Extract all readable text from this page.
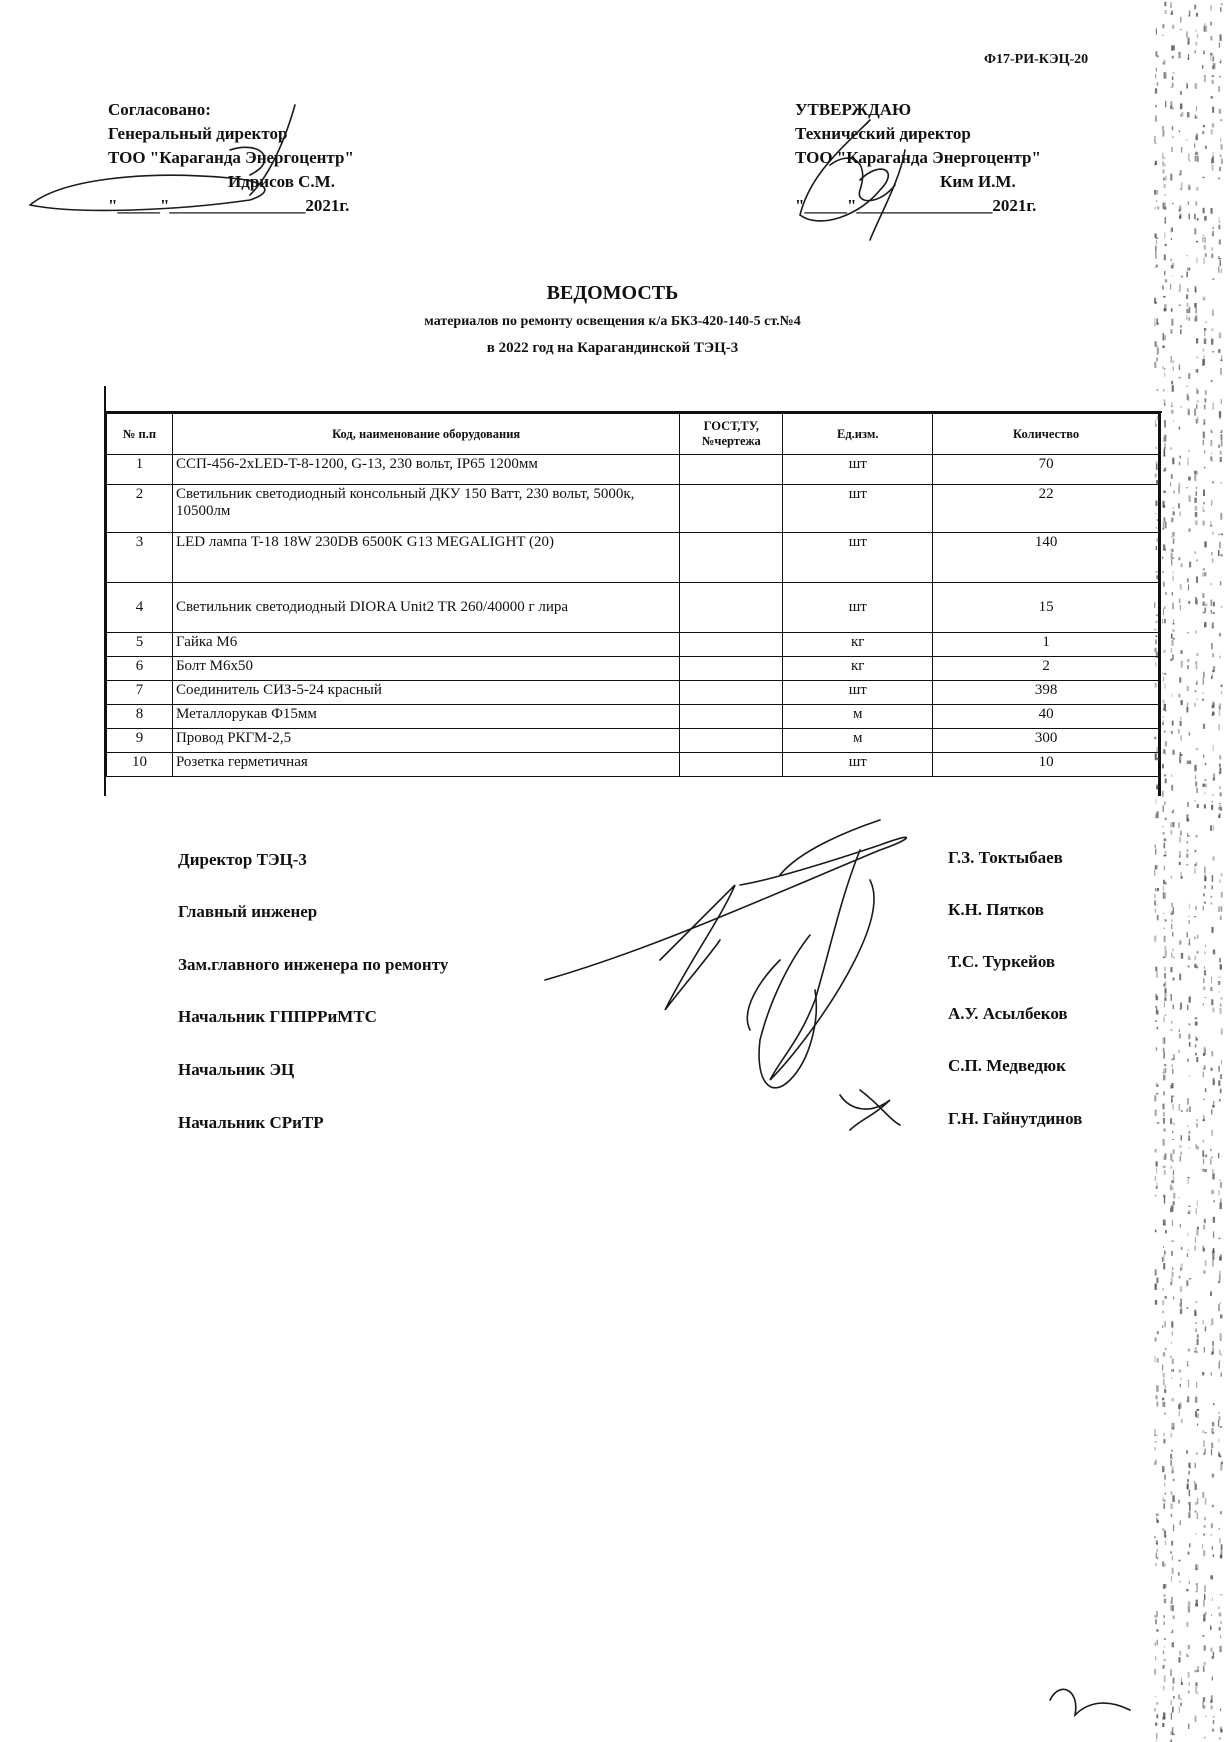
Ф17-РИ-КЭЦ-20
Согласовано:
Генеральный директор
ТОО "Караганда Энергоцентр"
Идрисов С.М.
"_____"________________2021г.
УТВЕРЖДАЮ
Технический директор
ТОО "Караганда Энергоцентр"
Ким И.М.
"_____"________________2021г.
ВЕДОМОСТЬ
материалов по ремонту освещения к/а БКЗ-420-140-5 ст.№4
в 2022 год на Карагандинской ТЭЦ-3
№ п.п	Код, наименование оборудования	ГОСТ,ТУ, №чертежа	Ед.изм.	Количество
1	ССП-456-2xLED-T-8-1200, G-13, 230 вольт, IP65 1200мм		шт	70
2	Светильник светодиодный консольный ДКУ 150 Ватт, 230 вольт, 5000к, 10500лм		шт	22
3	LED лампа T-18 18W 230DB 6500K G13 MEGALIGHT (20)		шт	140
4	Светильник светодиодный DIORA Unit2 TR 260/40000 г лира		шт	15
5	Гайка М6		кг	1
6	Болт М6х50		кг	2
7	Соединитель СИЗ-5-24 красный		шт	398
8	Металлорукав Ф15мм		м	40
9	Провод РКГМ-2,5		м	300
10	Розетка герметичная		шт	10
Директор ТЭЦ-3
Главный инженер
Зам.главного инженера по ремонту
Начальник ГППРРиМТС
Начальник ЭЦ
Начальник СРиТР
Г.З. Токтыбаев
К.Н. Пятков
Т.С. Туркейов
А.У. Асылбеков
С.П. Медведюк
Г.Н. Гайнутдинов
